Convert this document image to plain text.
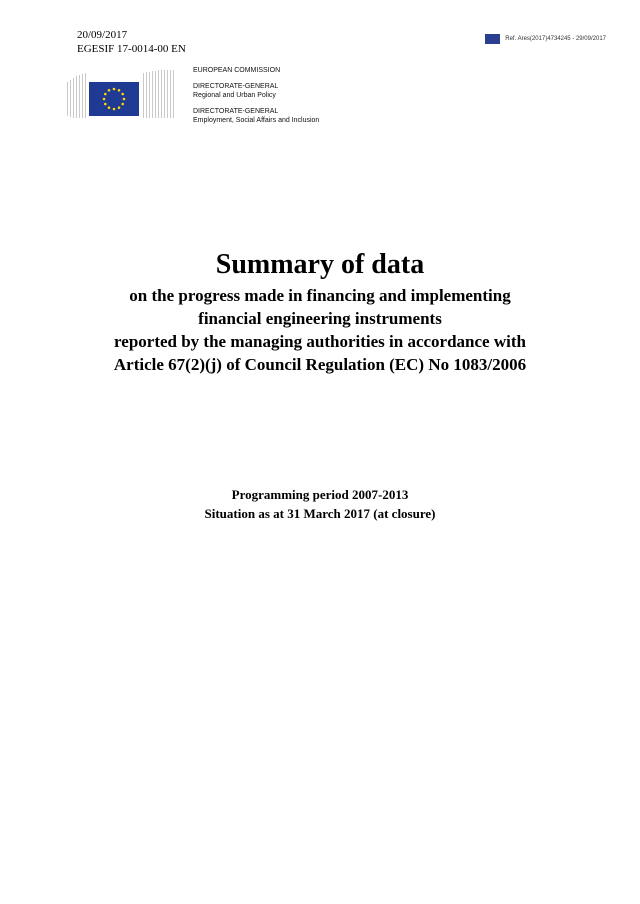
20/09/2017
EGESIF 17-0014-00 EN
Ref. Ares(2017)4734245 - 29/09/2017
EUROPEAN COMMISSION
DIRECTORATE-GENERAL
Regional and Urban Policy
DIRECTORATE-GENERAL
Employment, Social Affairs and Inclusion
Summary of data
on the progress made in financing and implementing
financial engineering instruments
reported by the managing authorities in accordance with
Article 67(2)(j) of Council Regulation (EC) No 1083/2006
Programming period 2007-2013
Situation as at 31 March 2017 (at closure)
